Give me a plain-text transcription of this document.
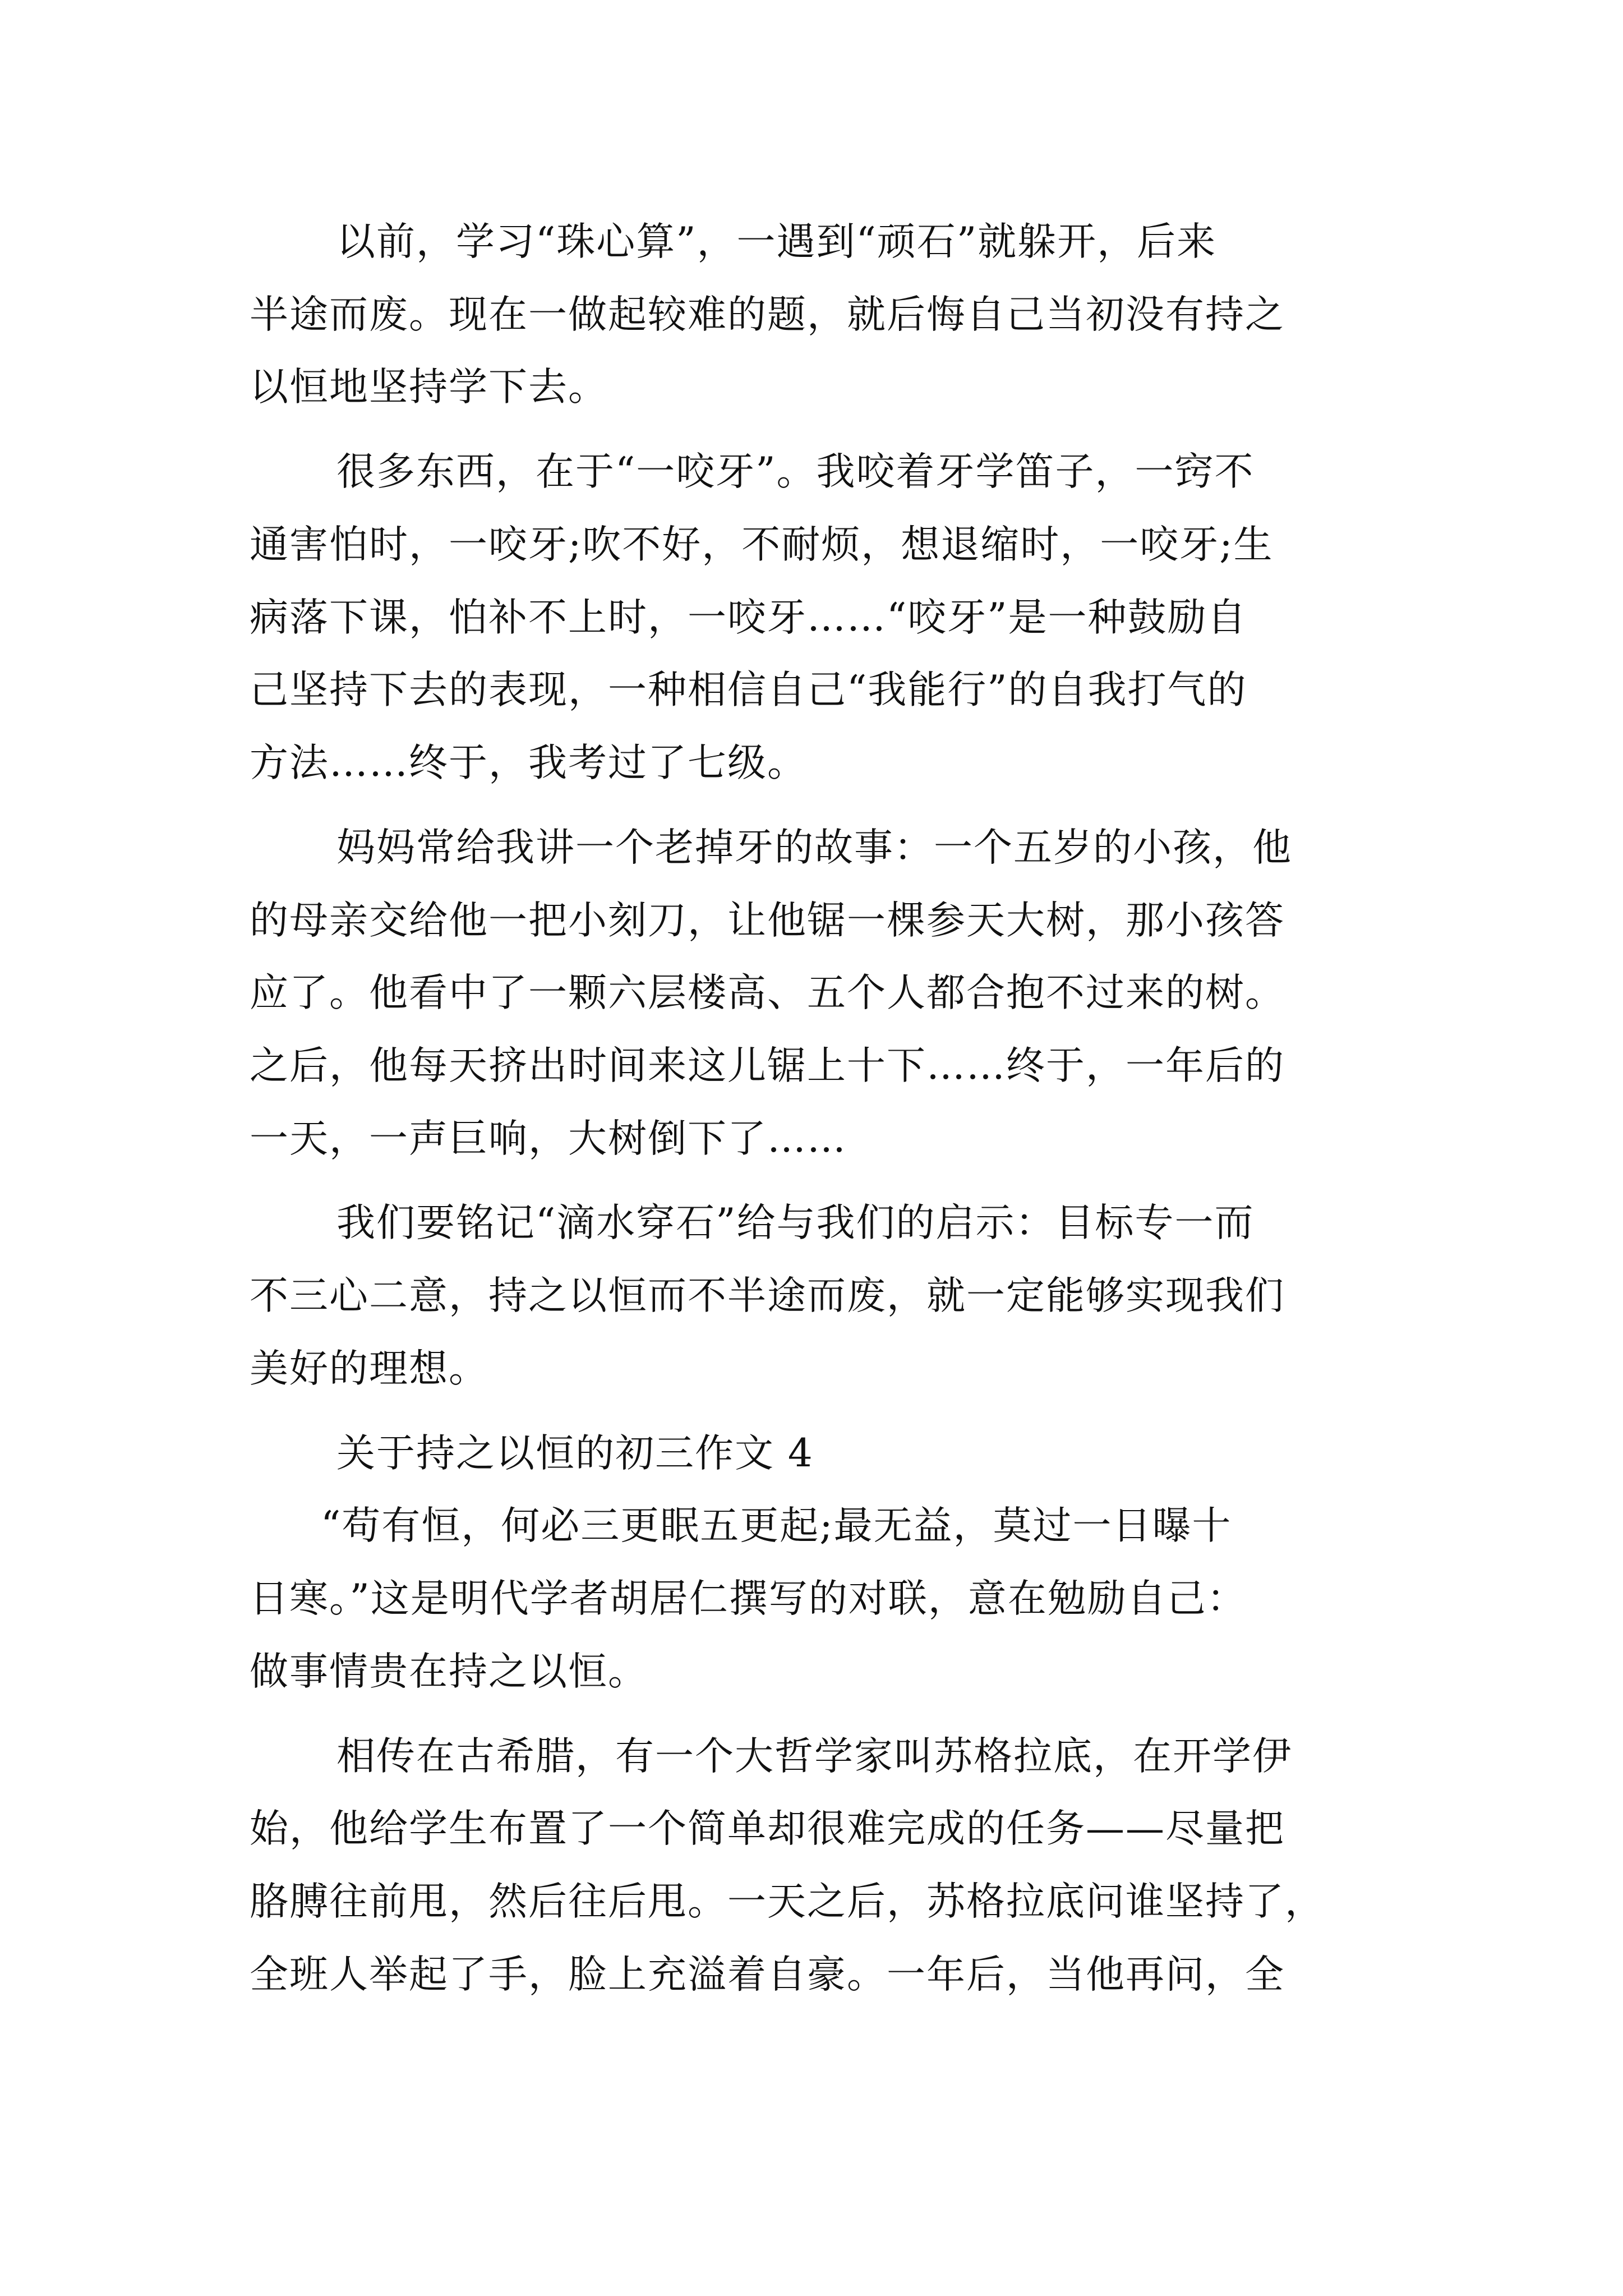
以前，学习“珠心算”，一遇到“顽石”就躲开，后来

半途而废。现在一做起较难的题，就后悔自己当初没有持之

以恒地坚持学下去。

很多东西，在于“一咬牙”。我咬着牙学笛子，一窍不

通害怕时，一咬牙;吹不好，不耐烦，想退缩时，一咬牙;生

病落下课，怕补不上时，一咬牙……“咬牙”是一种鼓励自

己坚持下去的表现，一种相信自己“我能行”的自我打气的

方法……终于，我考过了七级。

妈妈常给我讲一个老掉牙的故事：一个五岁的小孩，他

的母亲交给他一把小刻刀，让他锯一棵参天大树，那小孩答

应了。他看中了一颗六层楼高、五个人都合抱不过来的树。

之后，他每天挤出时间来这儿锯上十下……终于，一年后的

一天，一声巨响，大树倒下了……

我们要铭记“滴水穿石”给与我们的启示：目标专一而

不三心二意，持之以恒而不半途而废，就一定能够实现我们

美好的理想。

关于持之以恒的初三作文 4

“苟有恒，何必三更眠五更起;最无益，莫过一日曝十

日寒。”这是明代学者胡居仁撰写的对联，意在勉励自己：

做事情贵在持之以恒。

相传在古希腊，有一个大哲学家叫苏格拉底，在开学伊

始，他给学生布置了一个简单却很难完成的任务——尽量把

胳膊往前甩，然后往后甩。一天之后，苏格拉底问谁坚持了，

全班人举起了手，脸上充溢着自豪。一年后，当他再问，全
